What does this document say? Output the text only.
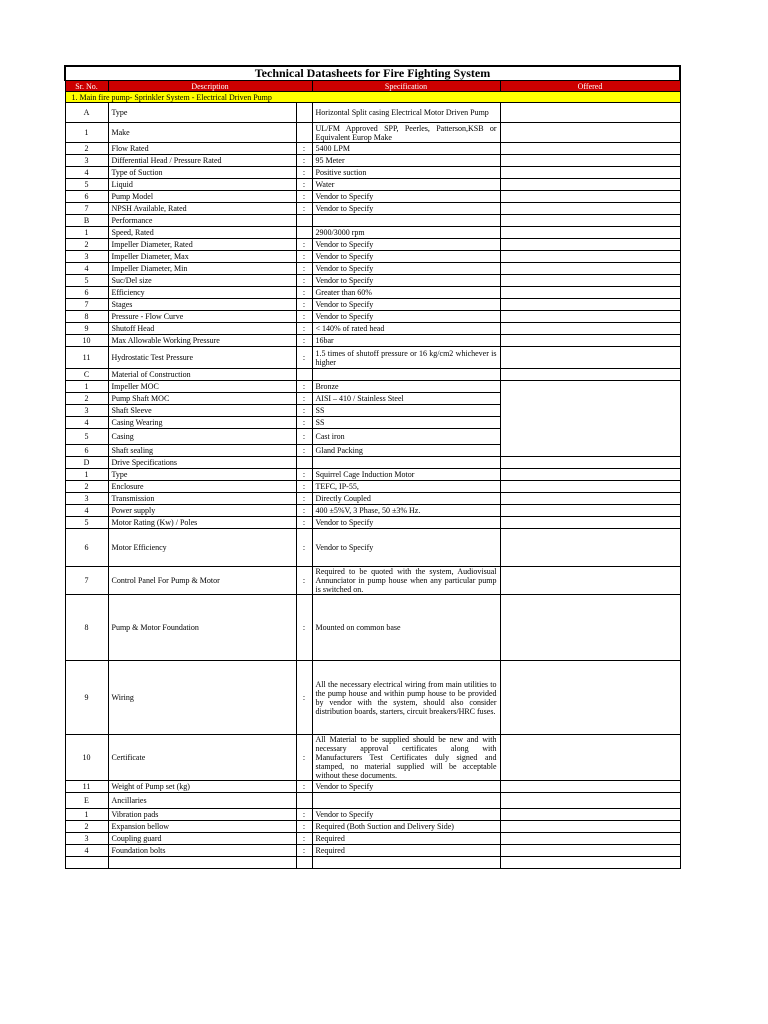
Technical Datasheets for Fire Fighting System				
Sr. No.	Description		Specification	Offered
1. Main fire pump- Sprinkler System - Electrical Driven Pump				
A	Type		Horizontal Split casing Electrical Motor Driven Pump	
1	Make		UL/FM Approved SPP, Peerles, Patterson,KSB or Equivalent Europ Make	
2	Flow Rated	:	5400 LPM	
3	Differential Head / Pressure Rated	:	95 Meter	
4	Type of Suction	:	Positive suction	
5	Liquid	:	Water	
6	Pump Model	:	Vendor to Specify	
7	NPSH Available, Rated	:	Vendor to Specify	
B	Performance			
1	Speed, Rated		2900/3000 rpm	
2	Impeller Diameter, Rated	:	Vendor to Specify	
3	Impeller Diameter, Max	:	Vendor to Specify	
4	Impeller Diameter, Min	:	Vendor to Specify	
5	Suc/Del size	:	Vendor to Specify	
6	Efficiency	:	Greater than 60%	
7	Stages	:	Vendor to Specify	
8	Pressure - Flow Curve	:	Vendor to Specify	
9	Shutoff Head	:	< 140% of rated head	
10	Max Allowable Working Pressure	:	16bar	
11	Hydrostatic Test Pressure	:	1.5 times of shutoff pressure or 16 kg/cm2 whichever is higher	
C	Material of Construction			
1	Impeller MOC	:	Bronze	
2	Pump Shaft MOC	:	AISI – 410 / Stainless Steel	
3	Shaft Sleeve	:	SS	
4	Casing Wearing	:	SS	
5	Casing	:	Cast iron	
6	Shaft sealing	:	Gland Packing	
D	Drive Specifications			
1	Type	:	Squirrel Cage Induction Motor	
2	Enclosure	:	TEFC, IP-55,	
3	Transmission	:	Directly Coupled	
4	Power supply	:	400 ±5%V, 3 Phase, 50 ±3% Hz.	
5	Motor Rating (Kw) / Poles	:	Vendor to Specify	
6	Motor Efficiency	:	Vendor to Specify	
7	Control Panel For Pump & Motor	:	Required to be quoted with the system, Audiovisual Annunciator in pump house when any particular pump is switched on.	
8	Pump & Motor Foundation	:	Mounted on common base	
9	Wiring	:	All the necessary electrical wiring from main utilities to the pump house and within pump house to be provided by vendor with the system, should also consider distribution boards, starters, circuit breakers/HRC fuses.	
10	Certificate	:	All Material to be supplied should be new and with necessary approval certificates along with Manufacturers Test Certificates duly signed and stamped, no material supplied will be acceptable without these documents.	
11	Weight of Pump set (kg)	:	Vendor to Specify	
E	Ancillaries			
1	Vibration pads	:	Vendor to Specify	
2	Expansion bellow	:	Required (Both Suction and Delivery Side)	
3	Coupling guard	:	Required	
4	Foundation bolts	:	Required	
